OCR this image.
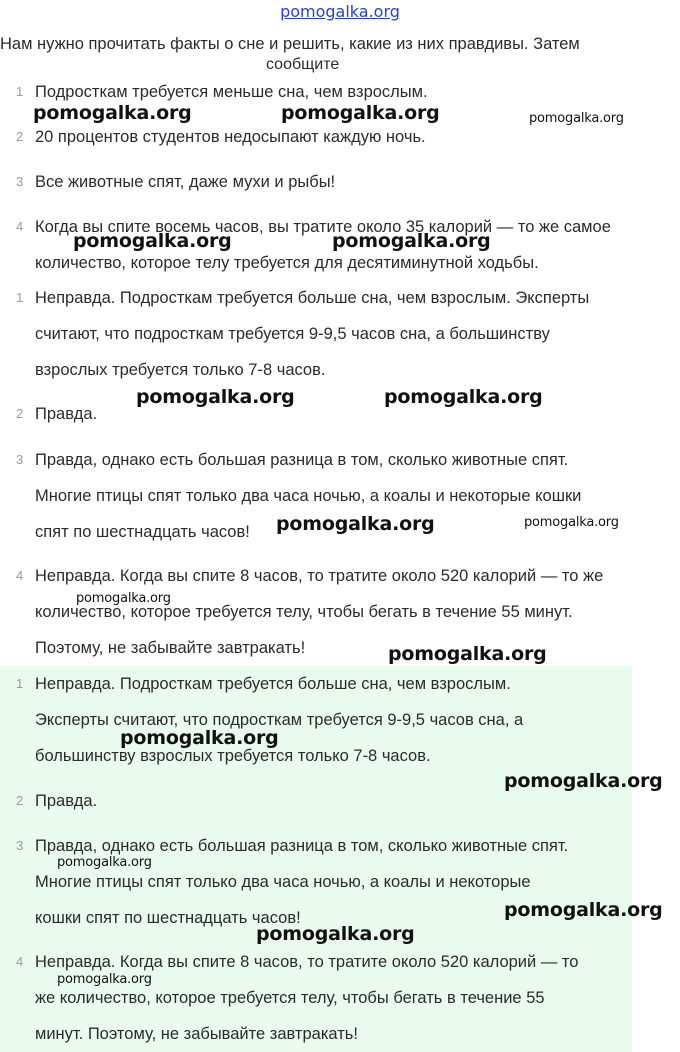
pomogalka.org
Нам нужно прочитать факты о сне и решить, какие из них правдивы. Затем
сообщите
1 Подросткам требуется меньше сна, чем взрослым.
2 20 процентов студентов недосыпают каждую ночь.
3 Все животные спят, даже мухи и рыбы!
4 Когда вы спите восемь часов, вы тратите около 35 калорий — то же самое
количество, которое телу требуется для десятиминутной ходьбы.
1 Неправда. Подросткам требуется больше сна, чем взрослым. Эксперты
считают, что подросткам требуется 9-9,5 часов сна, а большинству
взрослых требуется только 7-8 часов.
2 Правда.
3 Правда, однако есть большая разница в том, сколько животные спят.
Многие птицы спят только два часа ночью, а коалы и некоторые кошки
спят по шестнадцать часов!
4 Неправда. Когда вы спите 8 часов, то тратите около 520 калорий — то же
количество, которое требуется телу, чтобы бегать в течение 55 минут.
Поэтому, не забывайте завтракать!
1 Неправда. Подросткам требуется больше сна, чем взрослым.
Эксперты считают, что подросткам требуется 9-9,5 часов сна, а
большинству взрослых требуется только 7-8 часов.
2 Правда.
3 Правда, однако есть большая разница в том, сколько животные спят.
Многие птицы спят только два часа ночью, а коалы и некоторые
кошки спят по шестнадцать часов!
4 Неправда. Когда вы спите 8 часов, то тратите около 520 калорий — то
же количество, которое требуется телу, чтобы бегать в течение 55
минут. Поэтому, не забывайте завтракать!
pomogalka.org	pomogalka.org	pomogalka.org
pomogalka.org	pomogalka.org
pomogalka.org	pomogalka.org
pomogalka.org	pomogalka.org
pomogalka.org
pomogalka.org
pomogalka.org
pomogalka.org
pomogalka.org
pomogalka.org
pomogalka.org
pomogalka.org
